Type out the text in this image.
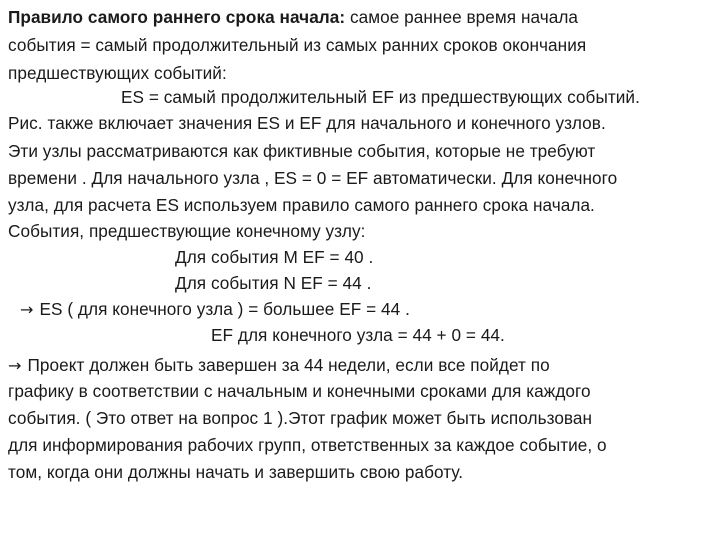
Правило самого раннего срока начала: самое раннее время начала
события = самый продолжительный из самых ранних сроков окончания
предшествующих событий:
ES = самый продолжительный EF из предшествующих событий.
Рис. также включает значения ES и EF для начального и конечного узлов.
Эти узлы рассматриваются как фиктивные события, которые не требуют
времени . Для начального узла , ES = 0 = EF автоматически. Для конечного
узла, для расчета ES используем правило самого раннего срока начала.
События, предшествующие конечному узлу:
Для события M EF = 40 .
Для события N EF = 44 .
→ ES ( для конечного узла ) = большее EF = 44 .
EF для конечного узла = 44 + 0 = 44.
→ Проект должен быть завершен за 44 недели, если все пойдет по
графику в соответствии с начальным и конечными сроками для каждого
события. ( Это ответ на вопрос 1 ).Этот график может быть использован
для информирования рабочих групп, ответственных за каждое событие, о
том, когда они должны начать и завершить свою работу.
